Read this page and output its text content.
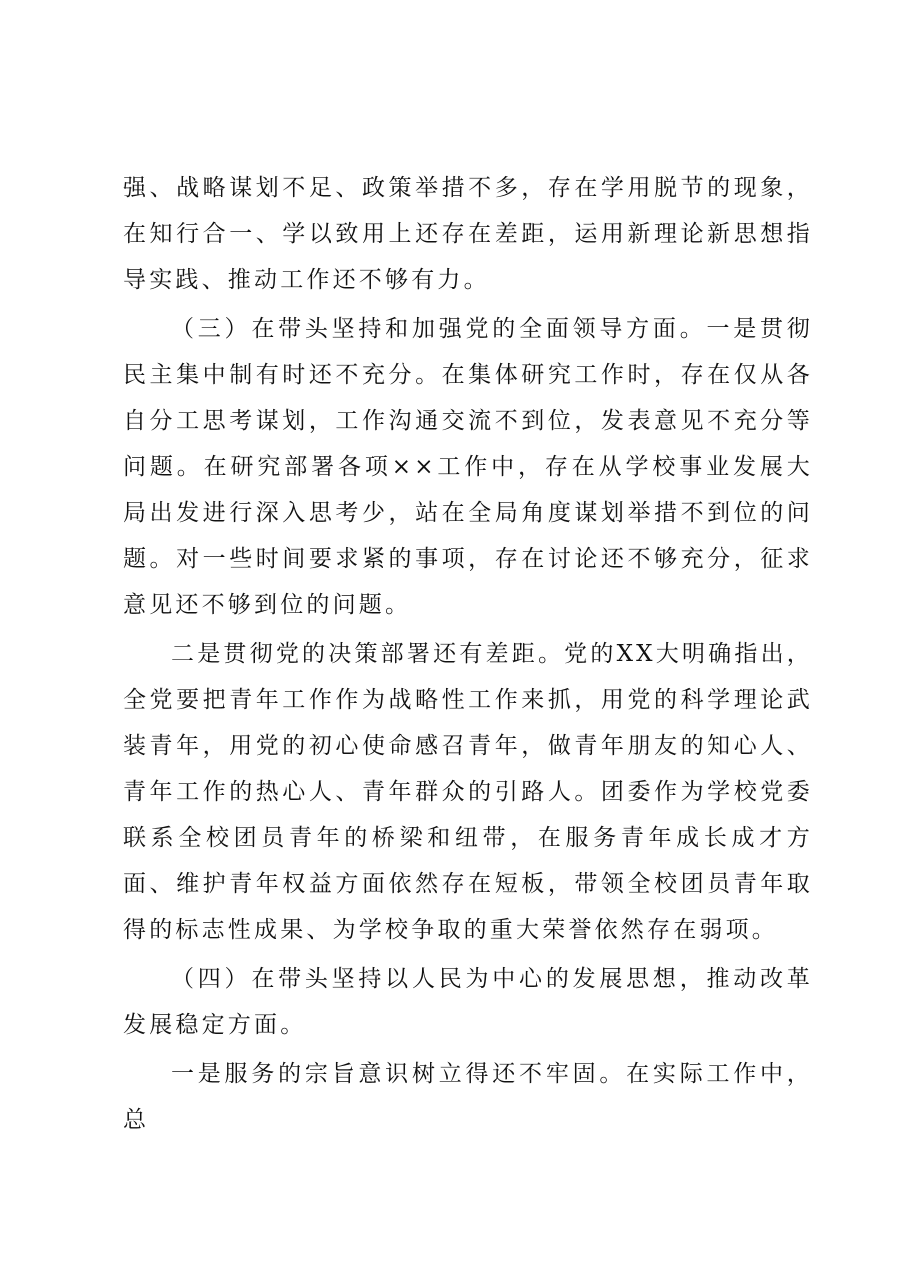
强、战略谋划不足、政策举措不多，存在学用脱节的现象，在知行合一、学以致用上还存在差距，运用新理论新思想指导实践、推动工作还不够有力。

（三）在带头坚持和加强党的全面领导方面。一是贯彻民主集中制有时还不充分。在集体研究工作时，存在仅从各自分工思考谋划，工作沟通交流不到位，发表意见不充分等问题。在研究部署各项××工作中，存在从学校事业发展大局出发进行深入思考少，站在全局角度谋划举措不到位的问题。对一些时间要求紧的事项，存在讨论还不够充分，征求意见还不够到位的问题。

二是贯彻党的决策部署还有差距。党的XX大明确指出，全党要把青年工作作为战略性工作来抓，用党的科学理论武装青年，用党的初心使命感召青年，做青年朋友的知心人、青年工作的热心人、青年群众的引路人。团委作为学校党委联系全校团员青年的桥梁和纽带，在服务青年成长成才方面、维护青年权益方面依然存在短板，带领全校团员青年取得的标志性成果、为学校争取的重大荣誉依然存在弱项。

（四）在带头坚持以人民为中心的发展思想，推动改革发展稳定方面。

一是服务的宗旨意识树立得还不牢固。在实际工作中，总
